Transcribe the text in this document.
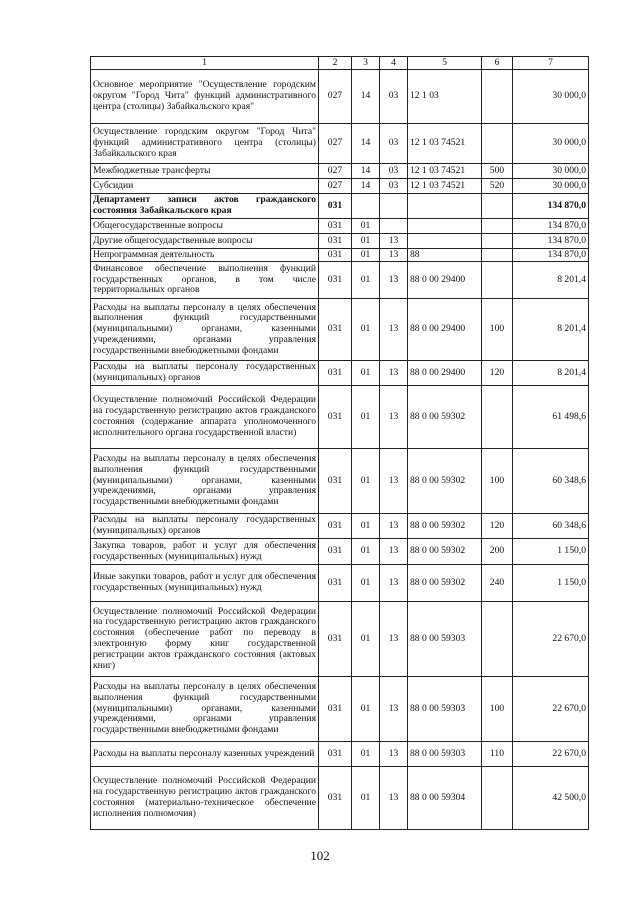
1	2	3	4	5	6	7
Основное мероприятие "Осуществление городским округом "Город Чита" функций административного центра (столицы) Забайкальского края"	027	14	03	12 1 03		30 000,0
Осуществление городским округом "Город Чита" функций административного центра (столицы) Забайкальского края	027	14	03	12 1 03 74521		30 000,0
Межбюджетные трансферты	027	14	03	12 1 03 74521	500	30 000,0
Субсидии	027	14	03	12 1 03 74521	520	30 000,0
Департамент записи актов гражданского состояния Забайкальского края	031					134 870,0
Общегосударственные вопросы	031	01				134 870,0
Другие общегосударственные вопросы	031	01	13			134 870,0
Непрограммная деятельность	031	01	13	88		134 870,0
Финансовое обеспечение выполнения функций государственных органов, в том числе территориальных органов	031	01	13	88 0 00 29400		8 201,4
Расходы на выплаты персоналу в целях обеспечения выполнения функций государственными (муниципальными) органами, казенными учреждениями, органами управления государственными внебюджетными фондами	031	01	13	88 0 00 29400	100	8 201,4
Расходы на выплаты персоналу государственных (муниципальных) органов	031	01	13	88 0 00 29400	120	8 201,4
Осуществление полномочий Российской Федерации на государственную регистрацию актов гражданского состояния (содержание аппарата уполномоченного исполнительного органа государственной власти)	031	01	13	88 0 00 59302		61 498,6
Расходы на выплаты персоналу в целях обеспечения выполнения функций государственными (муниципальными) органами, казенными учреждениями, органами управления государственными внебюджетными фондами	031	01	13	88 0 00 59302	100	60 348,6
Расходы на выплаты персоналу государственных (муниципальных) органов	031	01	13	88 0 00 59302	120	60 348,6
Закупка товаров, работ и услуг для обеспечения государственных (муниципальных) нужд	031	01	13	88 0 00 59302	200	1 150,0
Иные закупки товаров, работ и услуг для обеспечения государственных (муниципальных) нужд	031	01	13	88 0 00 59302	240	1 150,0
Осуществление полномочий Российской Федерации на государственную регистрацию актов гражданского состояния (обеспечение работ по переводу в электронную форму книг государственной регистрации актов гражданского состояния (актовых книг)	031	01	13	88 0 00 59303		22 670,0
Расходы на выплаты персоналу в целях обеспечения выполнения функций государственными (муниципальными) органами, казенными учреждениями, органами управления государственными внебюджетными фондами	031	01	13	88 0 00 59303	100	22 670,0
Расходы на выплаты персоналу казенных учреждений	031	01	13	88 0 00 59303	110	22 670,0
Осуществление полномочий Российской Федерации на государственную регистрацию актов гражданского состояния (материально-техническое обеспечение исполнения полномочия)	031	01	13	88 0 00 59304		42 500,0
102
